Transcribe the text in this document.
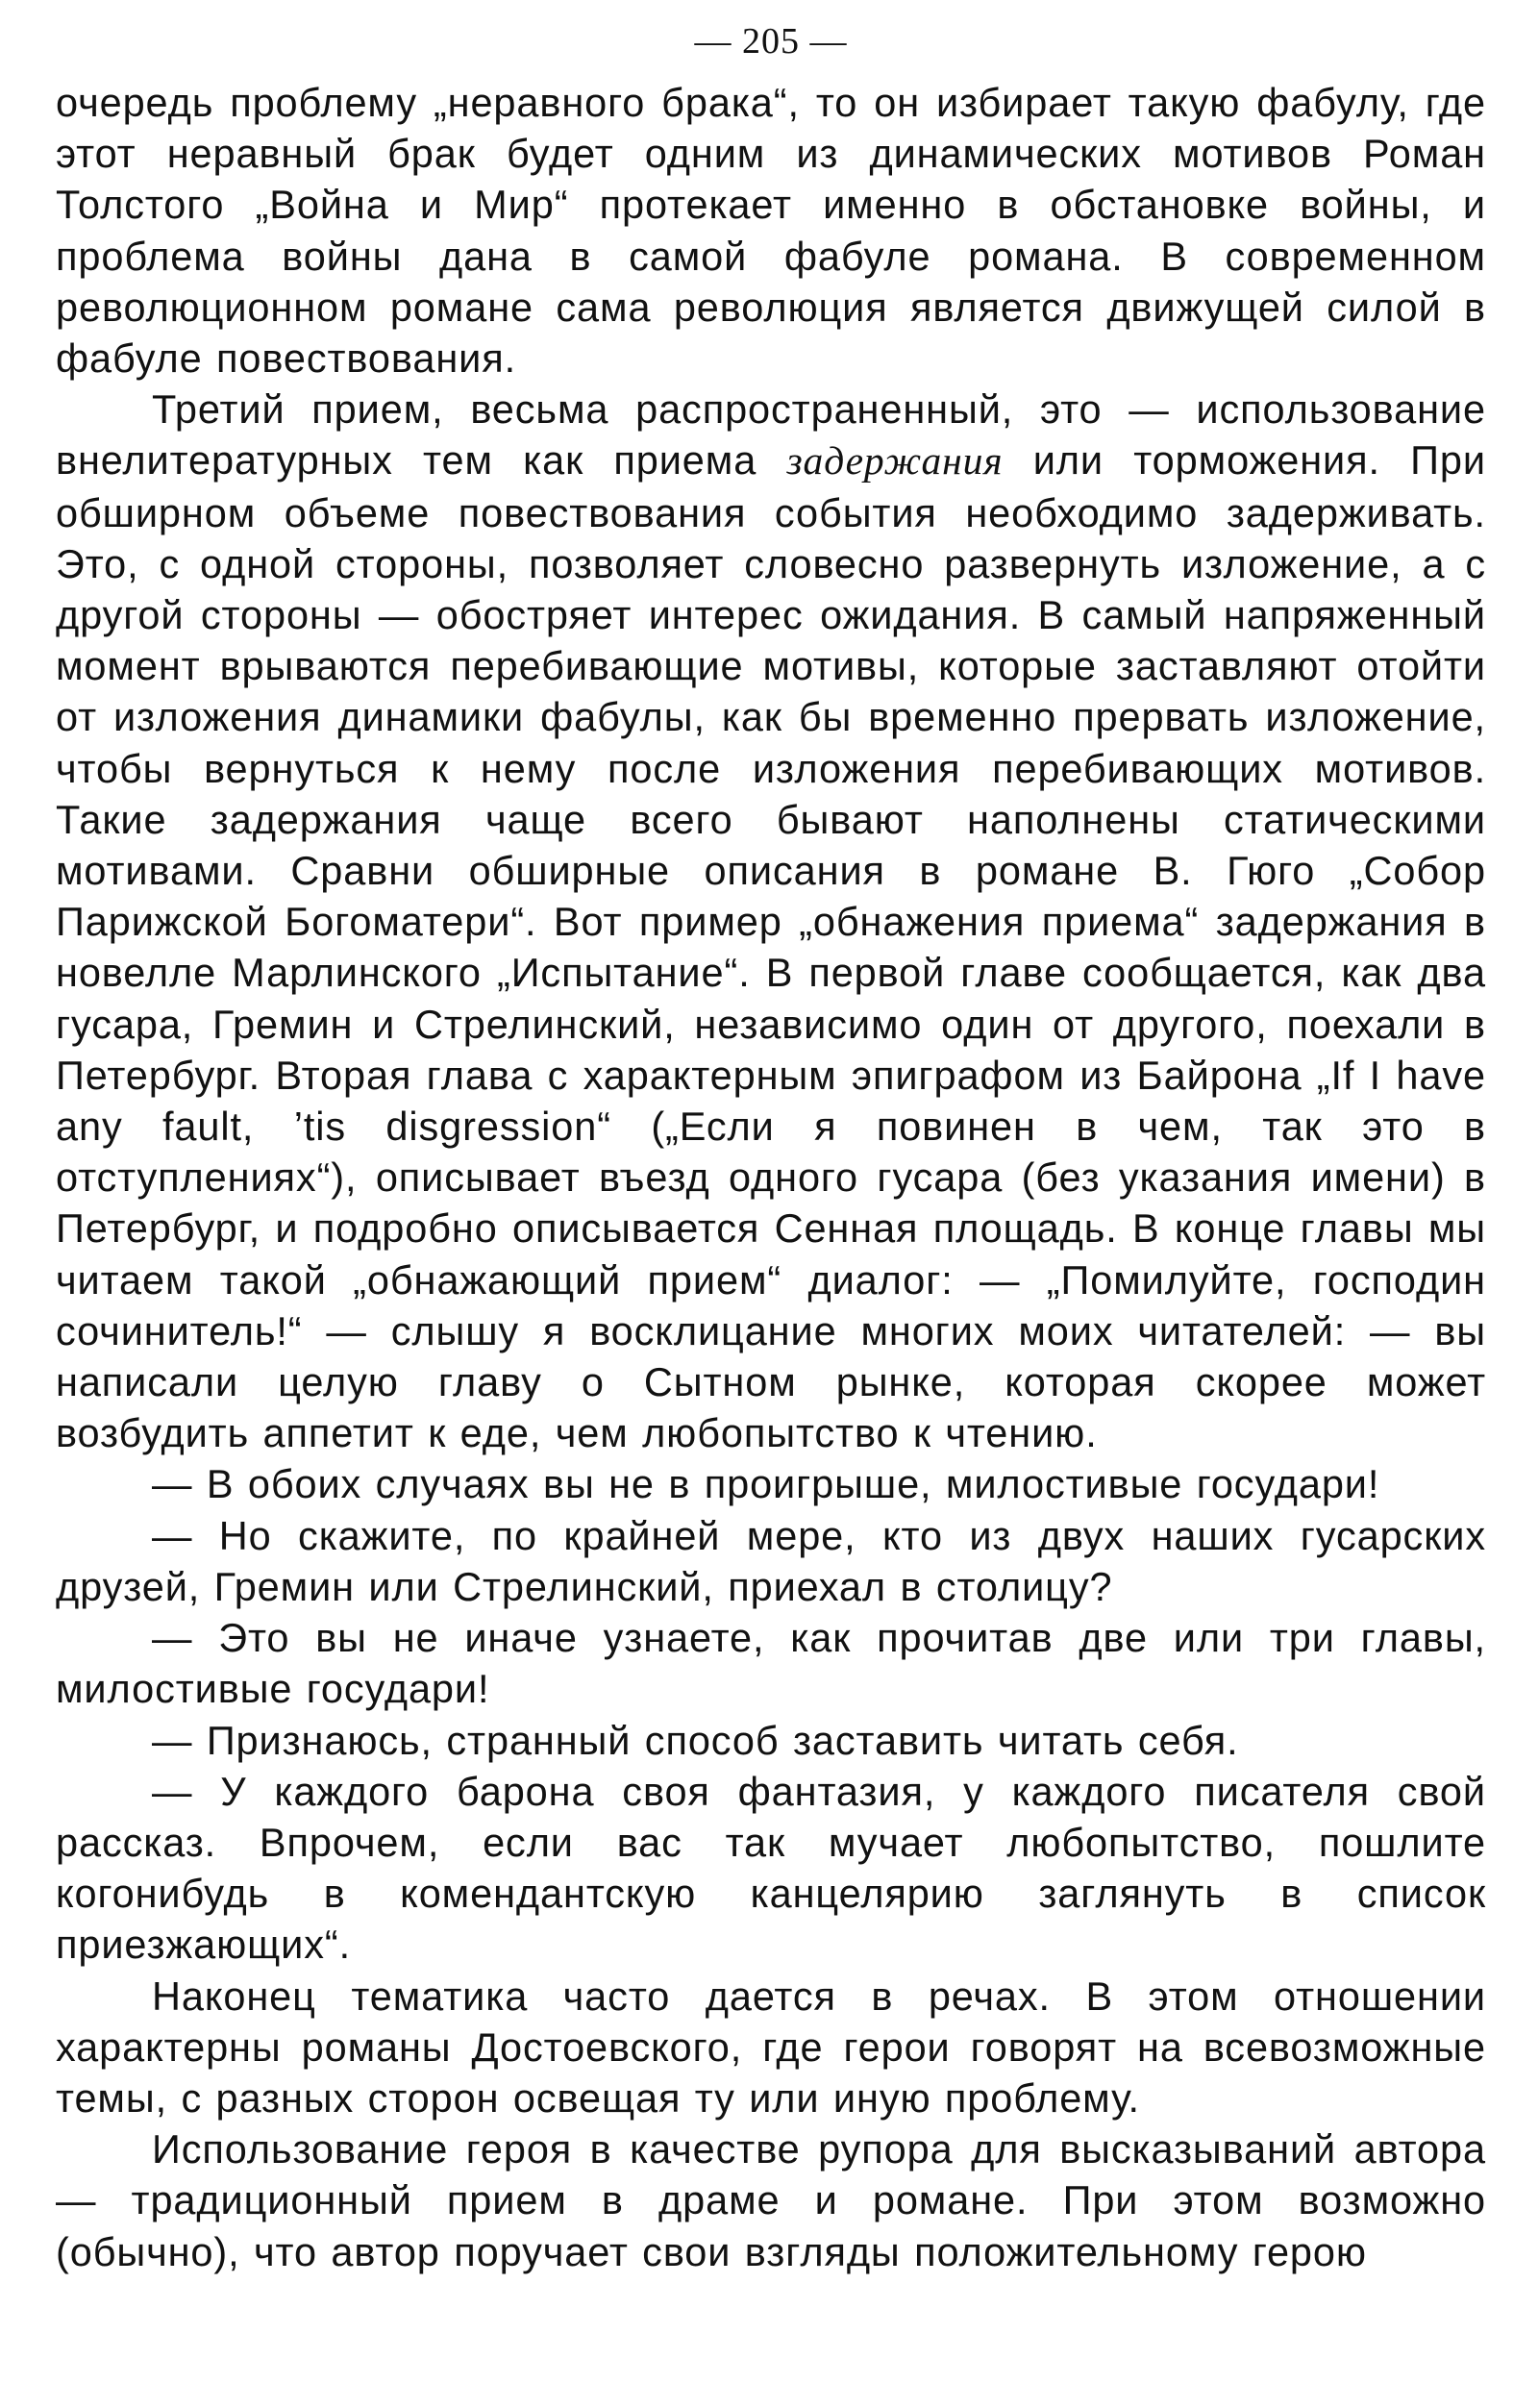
— 205 —

очередь проблему „неравного брака“, то он избирает такую фабулу, где этот неравный брак будет одним из динамических мотивов Роман Толстого „Война и Мир“ протекает именно в обстановке войны, и проблема войны дана в самой фабуле романа. В современном революционном романе сама революция является движущей силой в фабуле повествования.

Третий прием, весьма распространенный, это — использование внелитературных тем как приема задержания или торможения. При обширном объеме повествования события необходимо задерживать. Это, с одной стороны, позволяет словесно развернуть изложение, а с другой стороны — обостряет интерес ожидания. В самый напряженный момент врываются перебивающие мотивы, которые заставляют отойти от изложения динамики фабулы, как бы временно прервать изложение, чтобы вернуться к нему после изложения перебивающих мотивов. Такие задержания чаще всего бывают наполнены статическими мотивами. Сравни обширные описания в романе В. Гюго „Собор Парижской Богоматери“. Вот пример „обнажения приема“ задержания в новелле Марлинского „Испытание“. В первой главе сообщается, как два гусара, Гремин и Стрелинский, независимо один от другого, поехали в Петербург. Вторая глава с характерным эпиграфом из Байрона „If I have any fault, ’tis disgression“ („Если я повинен в чем, так это в отступлениях“), описывает въезд одного гусара (без указания имени) в Петербург, и подробно описывается Сенная площадь. В конце главы мы читаем такой „обнажающий прием“ диалог: — „Помилуйте, господин сочинитель!“ — слышу я восклицание многих моих читателей: — вы написали целую главу о Сытном рынке, которая скорее может возбудить аппетит к еде, чем любопытство к чтению.

— В обоих случаях вы не в проигрыше, милостивые государи!

— Но скажите, по крайней мере, кто из двух наших гусарских друзей, Гремин или Стрелинский, приехал в столицу?

— Это вы не иначе узнаете, как прочитав две или три главы, милостивые государи!

— Признаюсь, странный способ заставить читать себя.

— У каждого барона своя фантазия, у каждого писателя свой рассказ. Впрочем, если вас так мучает любопытство, пошлите когонибудь в комендантскую канцелярию заглянуть в список приезжающих“.

Наконец тематика часто дается в речах. В этом отношении характерны романы Достоевского, где герои говорят на всевозможные темы, с разных сторон освещая ту или иную проблему.

Использование героя в качестве рупора для высказываний автора — традиционный прием в драме и романе. При этом возможно (обычно), что автор поручает свои взгляды положительному герою
